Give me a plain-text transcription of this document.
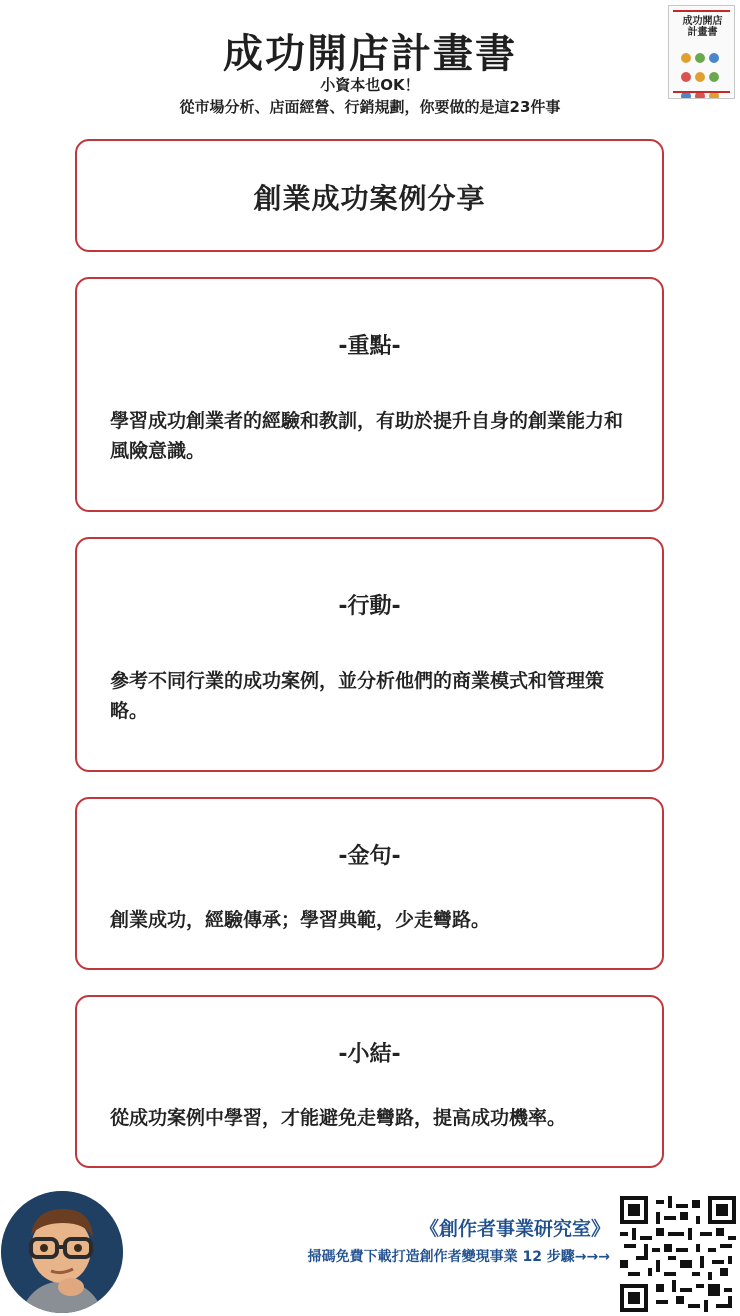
成功開店計畫書
小資本也OK！
從市場分析、店面經營、行銷規劃，你要做的是這23件事
成功開店
計畫書

創業成功案例分享
-重點-
學習成功創業者的經驗和教訓，有助於提升自身的創業能力和風險意識。
-行動-
參考不同行業的成功案例，並分析他們的商業模式和管理策略。
-金句-
創業成功，經驗傳承；學習典範，少走彎路。
-小結-
從成功案例中學習，才能避免走彎路，提高成功機率。
《創作者事業研究室》
掃碼免費下載打造創作者變現事業 12 步驟→→→
